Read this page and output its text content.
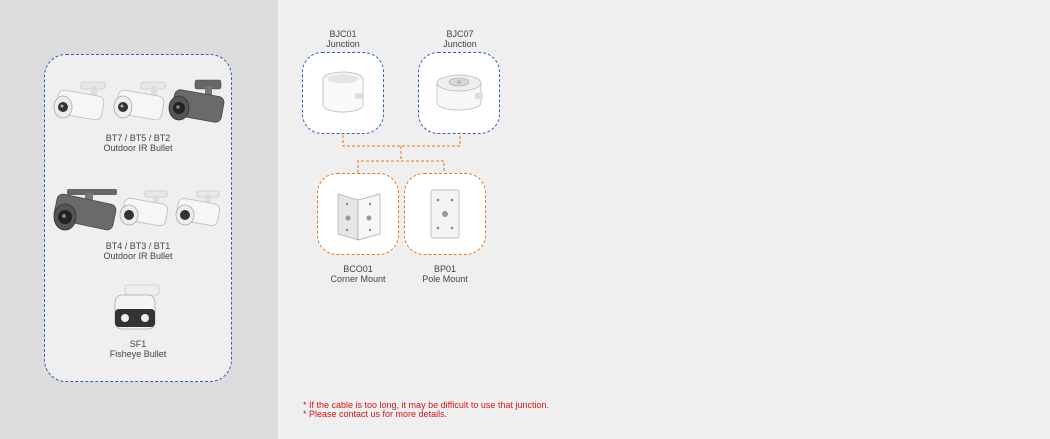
BT7 / BT5 / BT2
Outdoor IR Bullet
BT4 / BT3 / BT1
Outdoor IR Bullet
SF1
Fisheye Bullet
BJC01
Junction
BJC07
Junction
BCO01
Corner Mount
BP01
Pole Mount
* If the cable is too long, it may be difficult to use that junction.
* Please contact us for more details.
